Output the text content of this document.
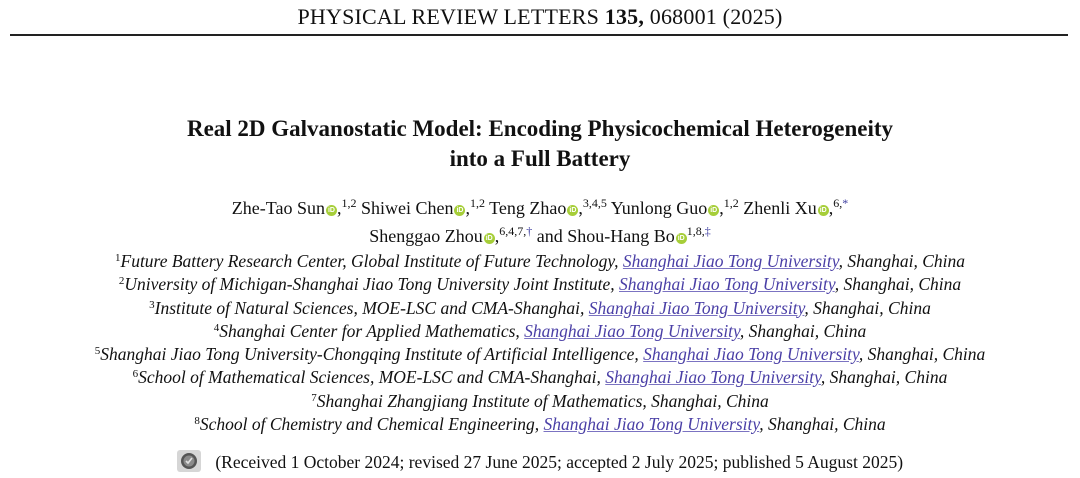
PHYSICAL REVIEW LETTERS 135, 068001 (2025)
Real 2D Galvanostatic Model: Encoding Physicochemical Heterogeneity
into a Full Battery
Zhe-Tao Sun iD ,$^{1,2}$ Shiwei Chen iD ,$^{1,2}$ Teng Zhao iD ,$^{3,4,5}$ Yunlong Guo iD ,$^{1,2}$ Zhenli Xu iD ,$^{6,*}$
Shenggao Zhou iD ,$^{6,4,7,\dagger}$ and Shou-Hang Bo $iD^{1,8,\ddagger}$
$^1$Future Battery Research Center, Global Institute of Future Technology, Shanghai Jiao Tong University, Shanghai, China
$^2$University of Michigan-Shanghai Jiao Tong University Joint Institute, Shanghai Jiao Tong University, Shanghai, China
$^3$Institute of Natural Sciences, MOE-LSC and CMA-Shanghai, Shanghai Jiao Tong University, Shanghai, China
$^4$Shanghai Center for Applied Mathematics, Shanghai Jiao Tong University, Shanghai, China
$^5$Shanghai Jiao Tong University-Chongqing Institute of Artificial Intelligence, Shanghai Jiao Tong University, Shanghai, China
$^6$School of Mathematical Sciences, MOE-LSC and CMA-Shanghai, Shanghai Jiao Tong University, Shanghai, China
$^7$Shanghai Zhangjiang Institute of Mathematics, Shanghai, China
$^8$School of Chemistry and Chemical Engineering, Shanghai Jiao Tong University, Shanghai, China
(Received 1 October 2024; revised 27 June 2025; accepted 2 July 2025; published 5 August 2025)
